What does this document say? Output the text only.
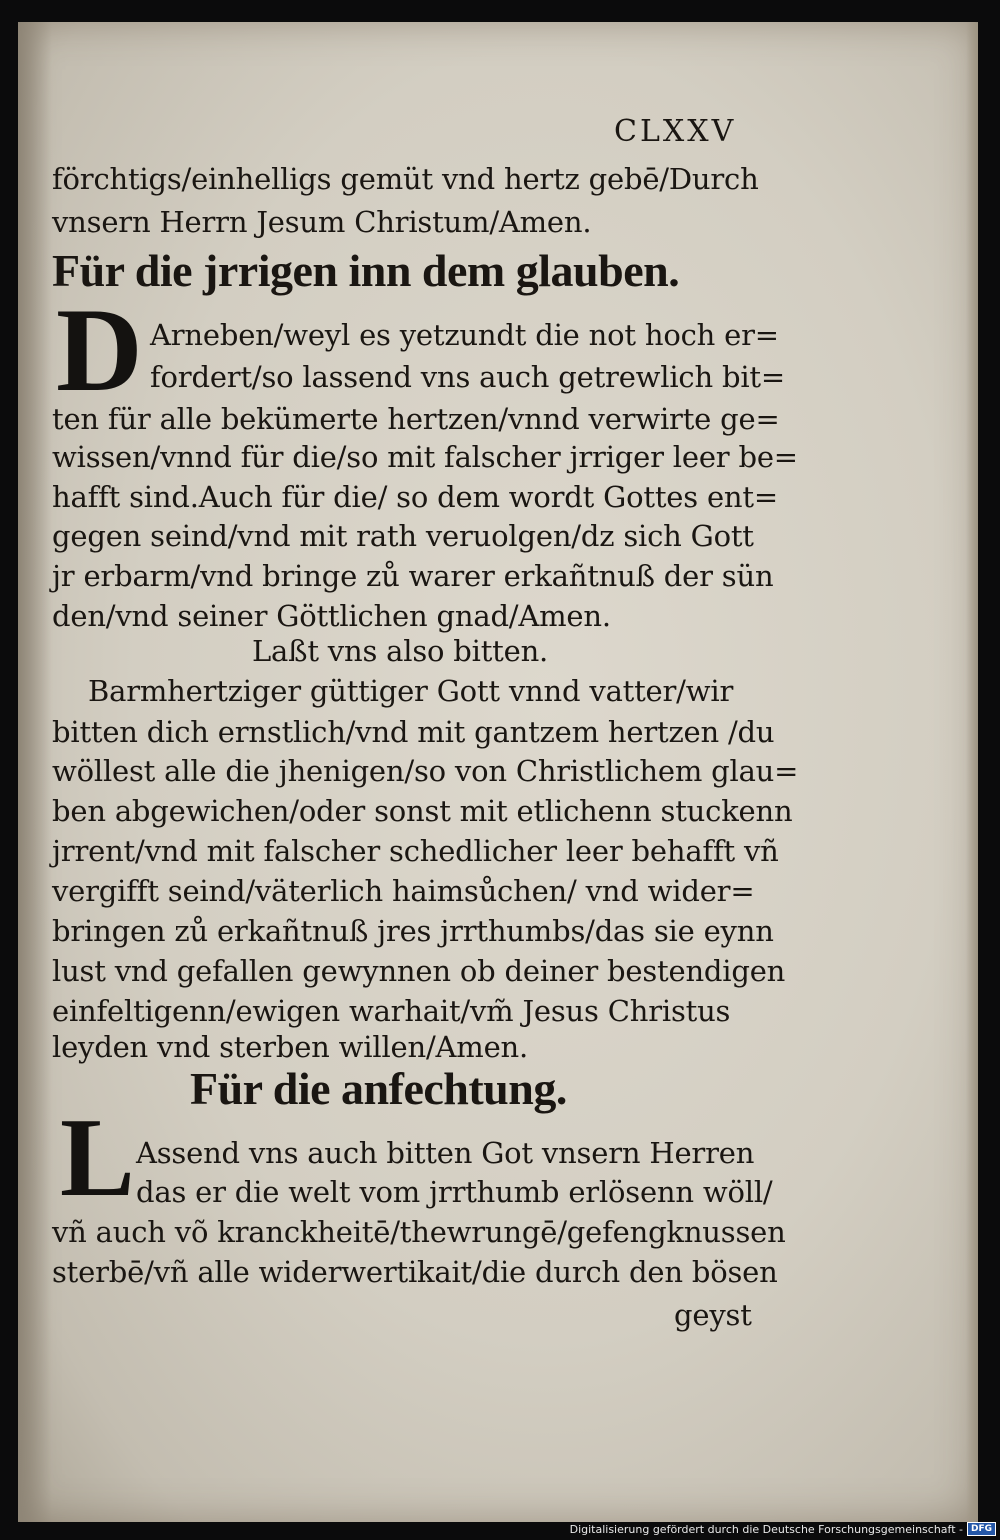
CLXXV
förchtigs/einhelligs gemüt vnd hertz gebē/Durch
vnsern Herrn Jesum Christum/Amen.
Für die jrrigen inn dem glauben.
D Arneben/weyl es yetzundt die not hoch er=
fordert/so lassend vns auch getrewlich bit=
ten für alle bekümerte hertzen/vnnd verwirte ge=
wissen/vnnd für die/so mit falscher jrriger leer be=
hafft sind.Auch für die/ so dem wordt Gottes ent=
gegen seind/vnd mit rath veruolgen/dz sich Gott
jr erbarm/vnd bringe zů warer erkañtnuß der sün
den/vnd seiner Göttlichen gnad/Amen.
Laßt vns also bitten.
Barmhertziger güttiger Gott vnnd vatter/wir
bitten dich ernstlich/vnd mit gantzem hertzen /du
wöllest alle die jhenigen/so von Christlichem glau=
ben abgewichen/oder sonst mit etlichenn stuckenn
jrrent/vnd mit falscher schedlicher leer behafft vñ
vergifft seind/väterlich haimsůchen/ vnd wider=
bringen zů erkañtnuß jres jrrthumbs/das sie eynn
lust vnd gefallen gewynnen ob deiner bestendigen
einfeltigenn/ewigen warhait/vm̃ Jesus Christus
leyden vnd sterben willen/Amen.
Für die anfechtung.
L Assend vns auch bitten Got vnsern Herren
das er die welt vom jrrthumb erlösenn wöll/
vñ auch võ kranckheitē/thewrungē/gefengknussen
sterbē/vñ alle widerwertikait/die durch den bösen
geyst
Digitalisierung gefördert durch die Deutsche Forschungsgemeinschaft - DFG
